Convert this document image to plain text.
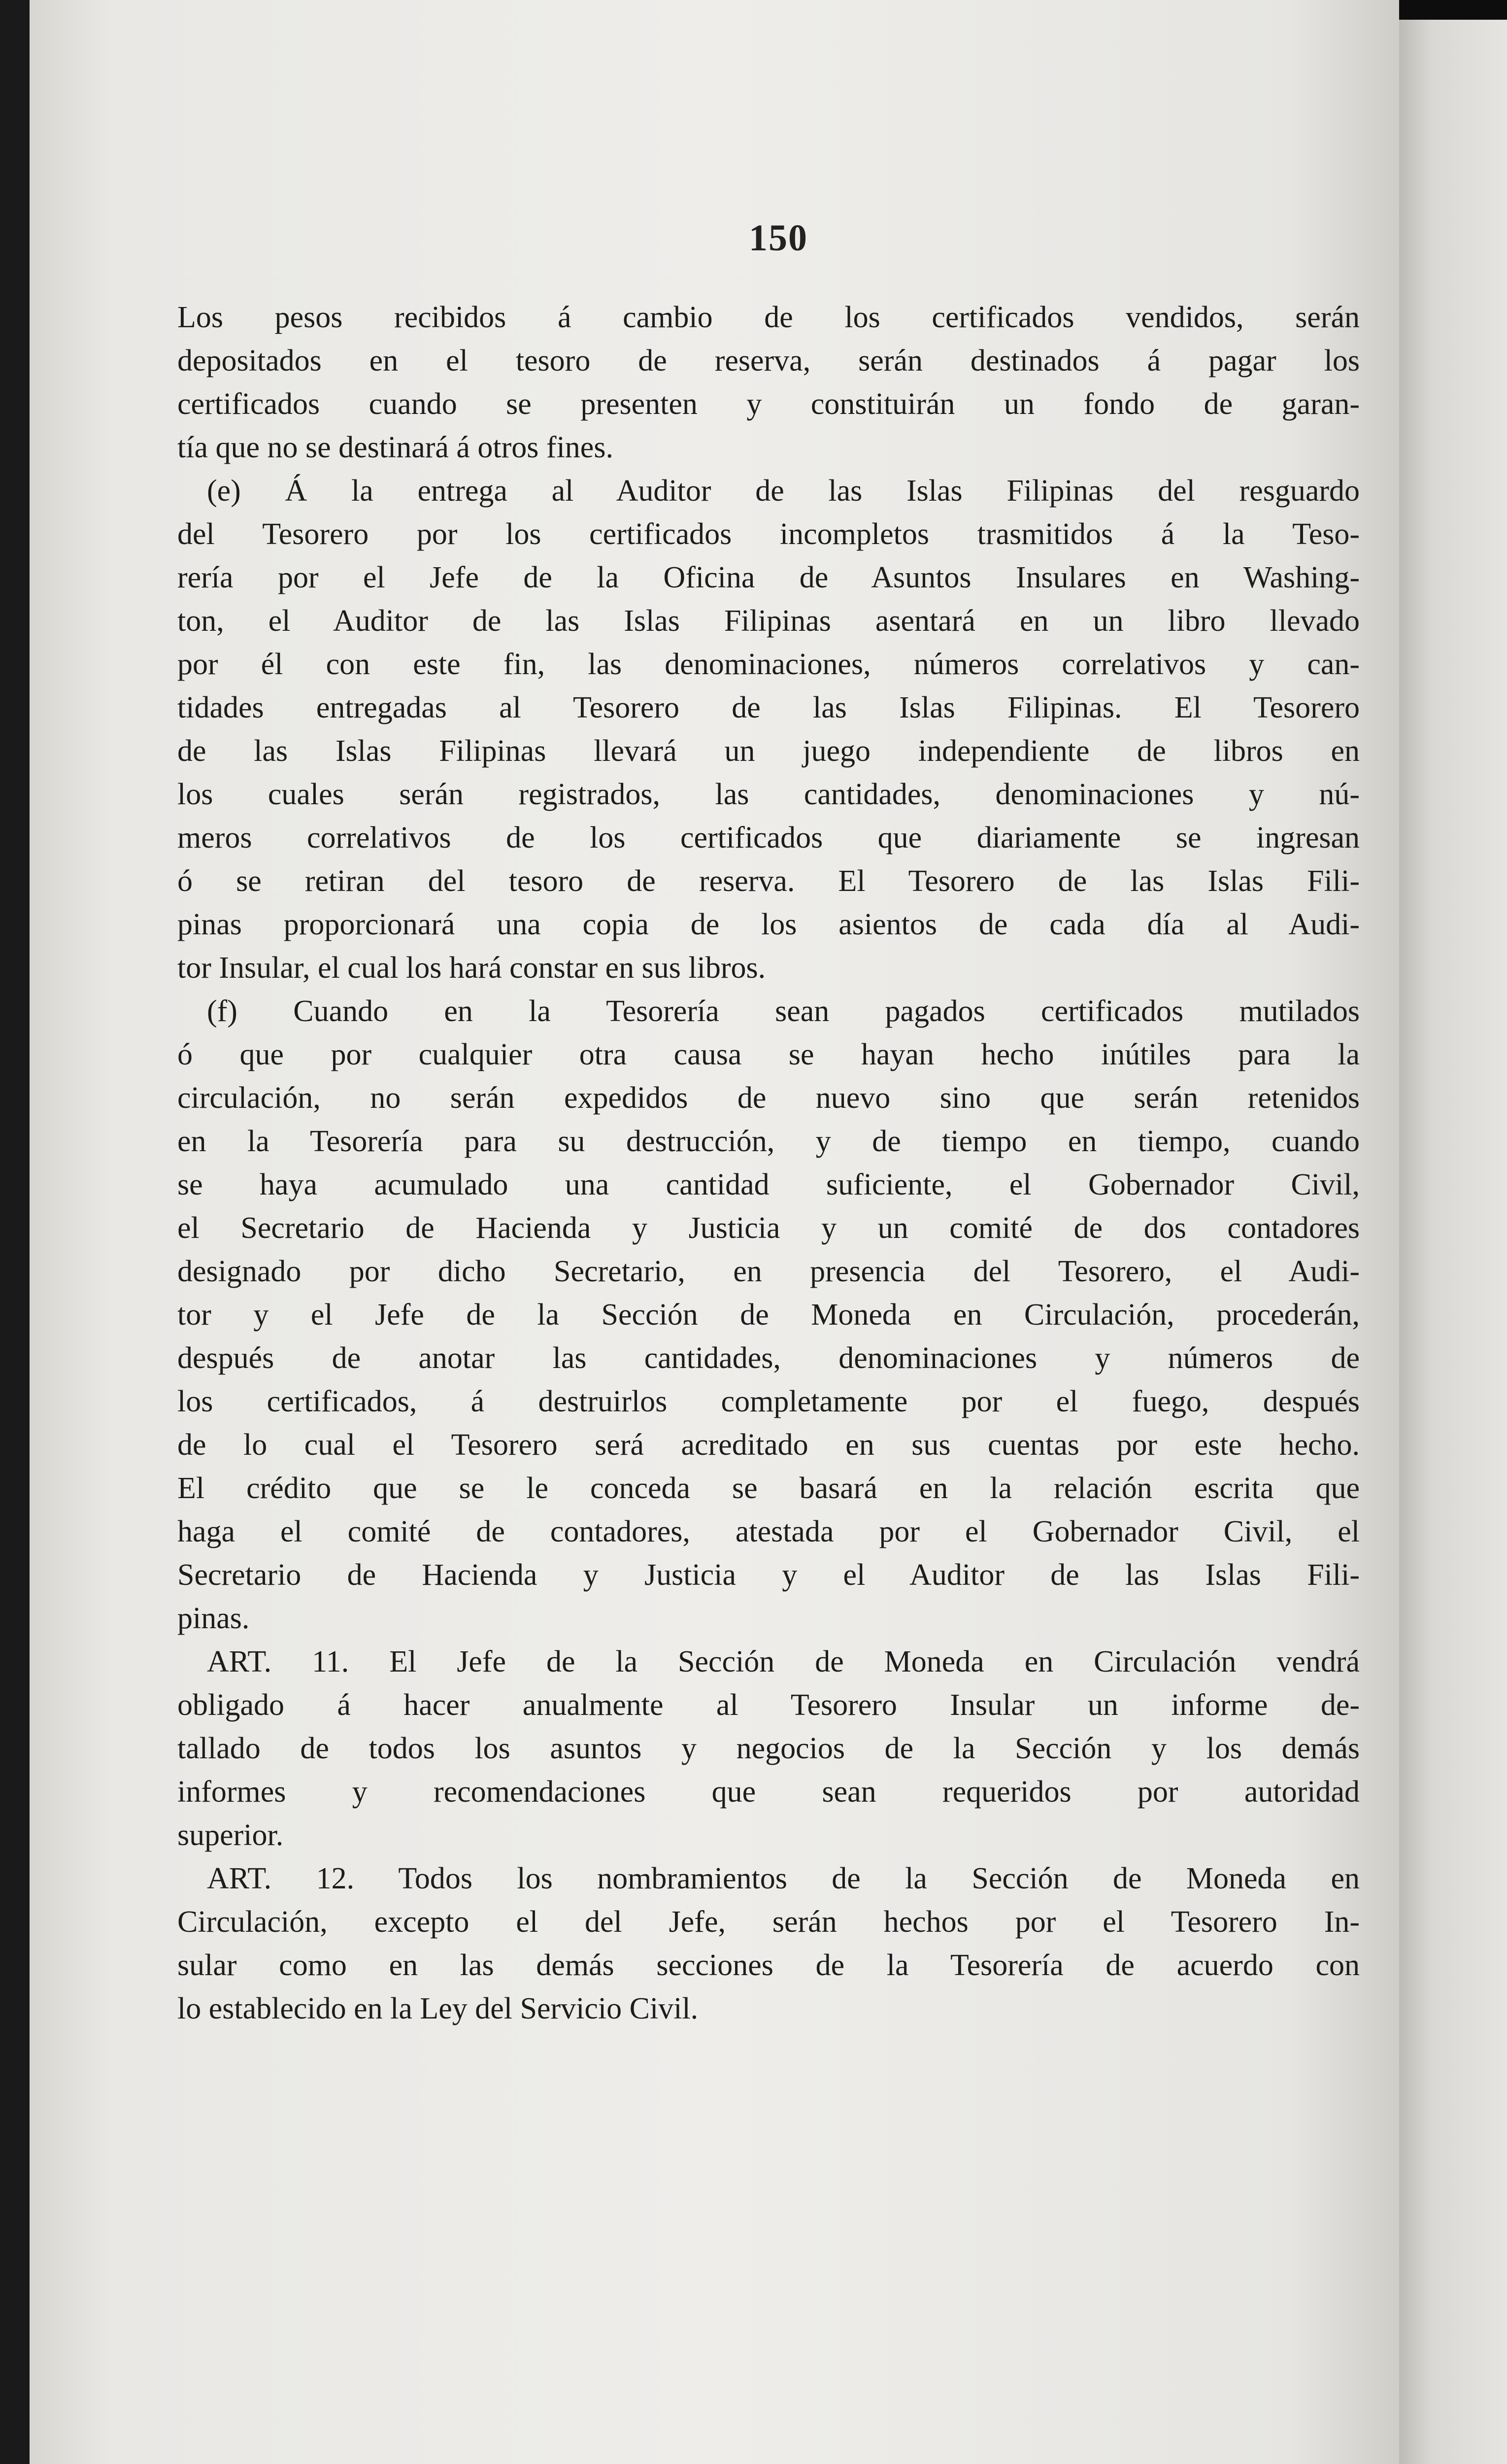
150
Los pesos recibidos á cambio de los certificados vendidos, serán
depositados en el tesoro de reserva, serán destinados á pagar los
certificados cuando se presenten y constituirán un fondo de garan-
tía que no se destinará á otros fines.
(e) Á la entrega al Auditor de las Islas Filipinas del resguardo
del Tesorero por los certificados incompletos trasmitidos á la Teso-
rería por el Jefe de la Oficina de Asuntos Insulares en Washing-
ton, el Auditor de las Islas Filipinas asentará en un libro llevado
por él con este fin, las denominaciones, números correlativos y can-
tidades entregadas al Tesorero de las Islas Filipinas. El Tesorero
de las Islas Filipinas llevará un juego independiente de libros en
los cuales serán registrados, las cantidades, denominaciones y nú-
meros correlativos de los certificados que diariamente se ingresan
ó se retiran del tesoro de reserva. El Tesorero de las Islas Fili-
pinas proporcionará una copia de los asientos de cada día al Audi-
tor Insular, el cual los hará constar en sus libros.
(f) Cuando en la Tesorería sean pagados certificados mutilados
ó que por cualquier otra causa se hayan hecho inútiles para la
circulación, no serán expedidos de nuevo sino que serán retenidos
en la Tesorería para su destrucción, y de tiempo en tiempo, cuando
se haya acumulado una cantidad suficiente, el Gobernador Civil,
el Secretario de Hacienda y Justicia y un comité de dos contadores
designado por dicho Secretario, en presencia del Tesorero, el Audi-
tor y el Jefe de la Sección de Moneda en Circulación, procederán,
después de anotar las cantidades, denominaciones y números de
los certificados, á destruirlos completamente por el fuego, después
de lo cual el Tesorero será acreditado en sus cuentas por este hecho.
El crédito que se le conceda se basará en la relación escrita que
haga el comité de contadores, atestada por el Gobernador Civil, el
Secretario de Hacienda y Justicia y el Auditor de las Islas Fili-
pinas.
ART. 11. El Jefe de la Sección de Moneda en Circulación vendrá
obligado á hacer anualmente al Tesorero Insular un informe de-
tallado de todos los asuntos y negocios de la Sección y los demás
informes y recomendaciones que sean requeridos por autoridad
superior.
ART. 12. Todos los nombramientos de la Sección de Moneda en
Circulación, excepto el del Jefe, serán hechos por el Tesorero In-
sular como en las demás secciones de la Tesorería de acuerdo con
lo establecido en la Ley del Servicio Civil.
